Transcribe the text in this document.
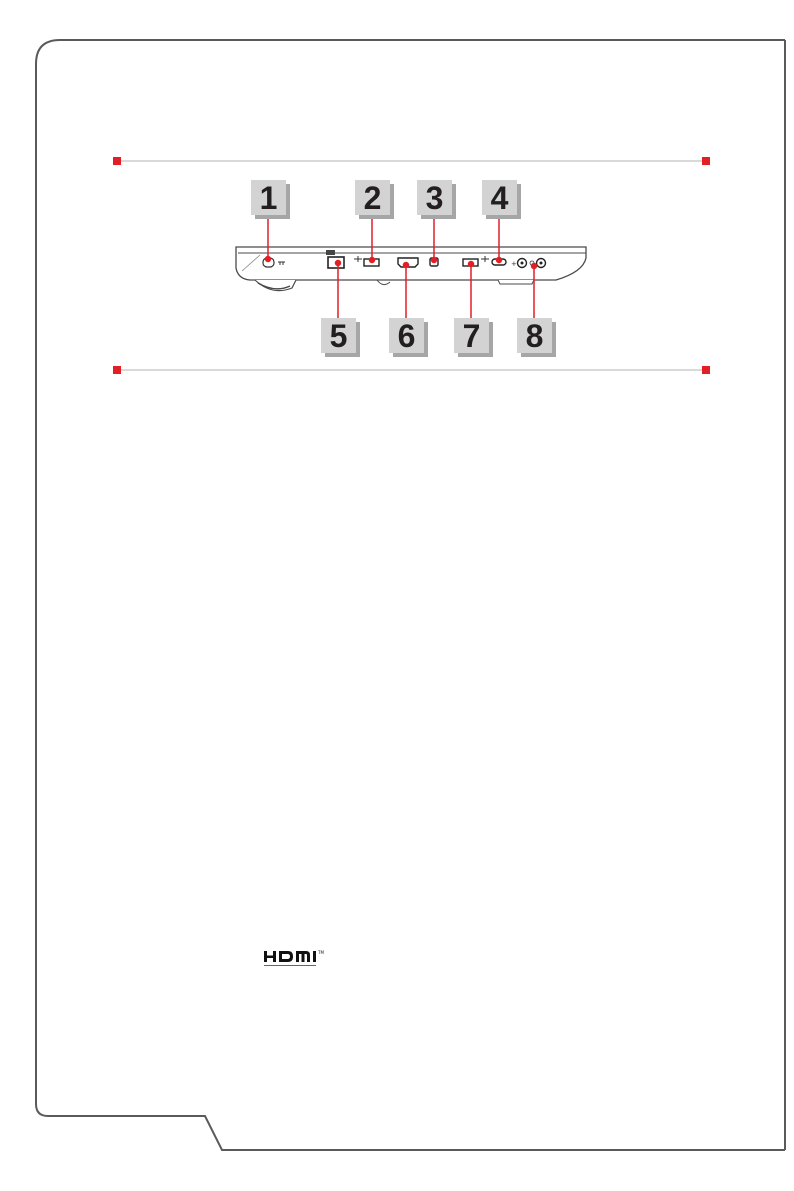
+
1	2 3 4
5 6 7 8
TM
